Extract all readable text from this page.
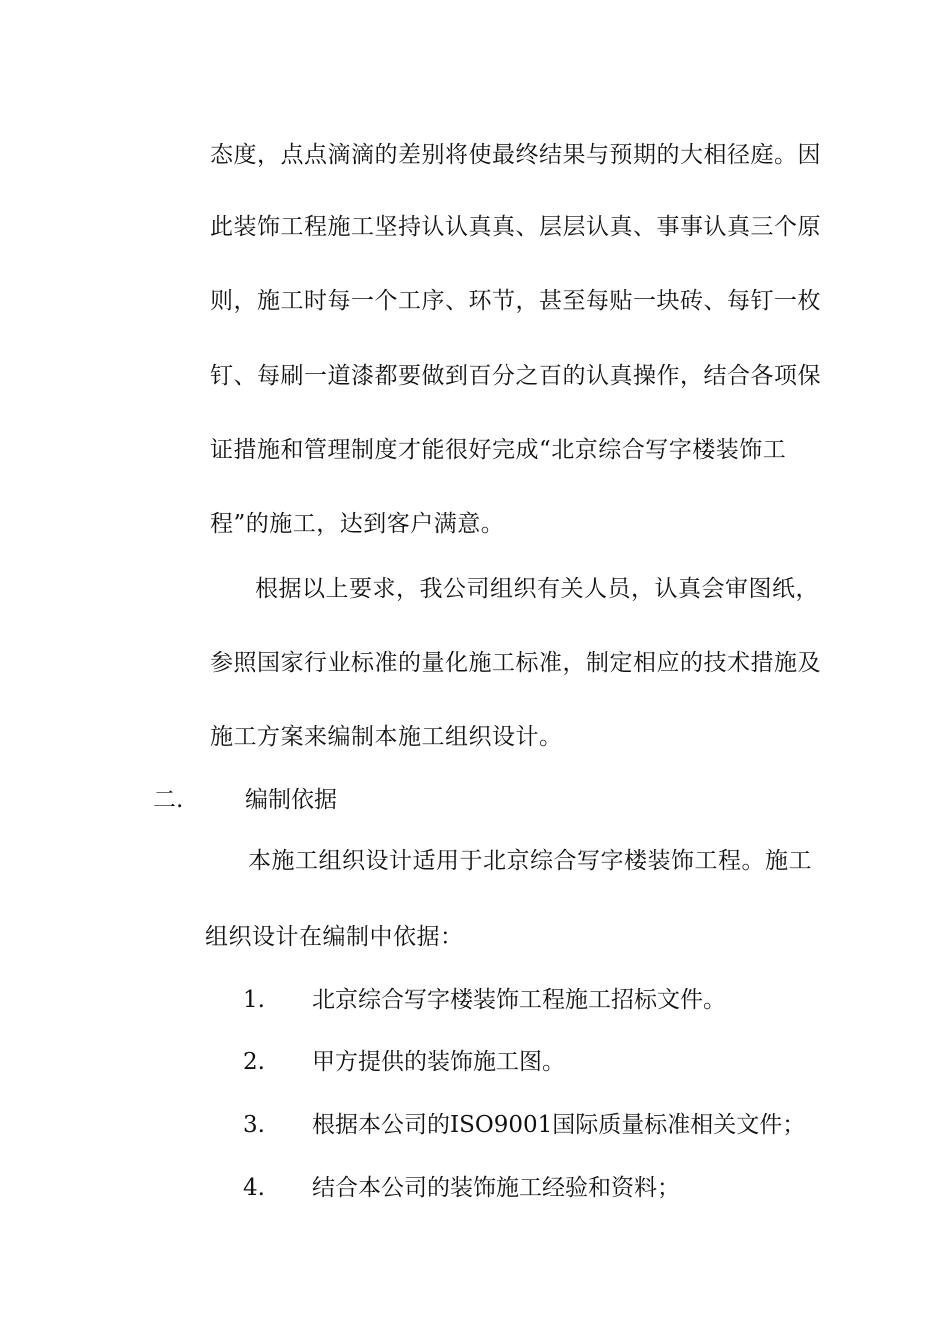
态度，点点滴滴的差别将使最终结果与预期的大相径庭。因
此装饰工程施工坚持认认真真、层层认真、事事认真三个原
则，施工时每一个工序、环节，甚至每贴一块砖、每钉一枚
钉、每刷一道漆都要做到百分之百的认真操作，结合各项保
证措施和管理制度才能很好完成“北京综合写字楼装饰工
程”的施工，达到客户满意。
根据以上要求，我公司组织有关人员，认真会审图纸，
参照国家行业标准的量化施工标准，制定相应的技术措施及
施工方案来编制本施工组织设计。
二.	编制依据
本施工组织设计适用于北京综合写字楼装饰工程。施工
组织设计在编制中依据：
1. 北京综合写字楼装饰工程施工招标文件。
2. 甲方提供的装饰施工图。
3. 根据本公司的ISO9001国际质量标准相关文件；
4. 结合本公司的装饰施工经验和资料；
